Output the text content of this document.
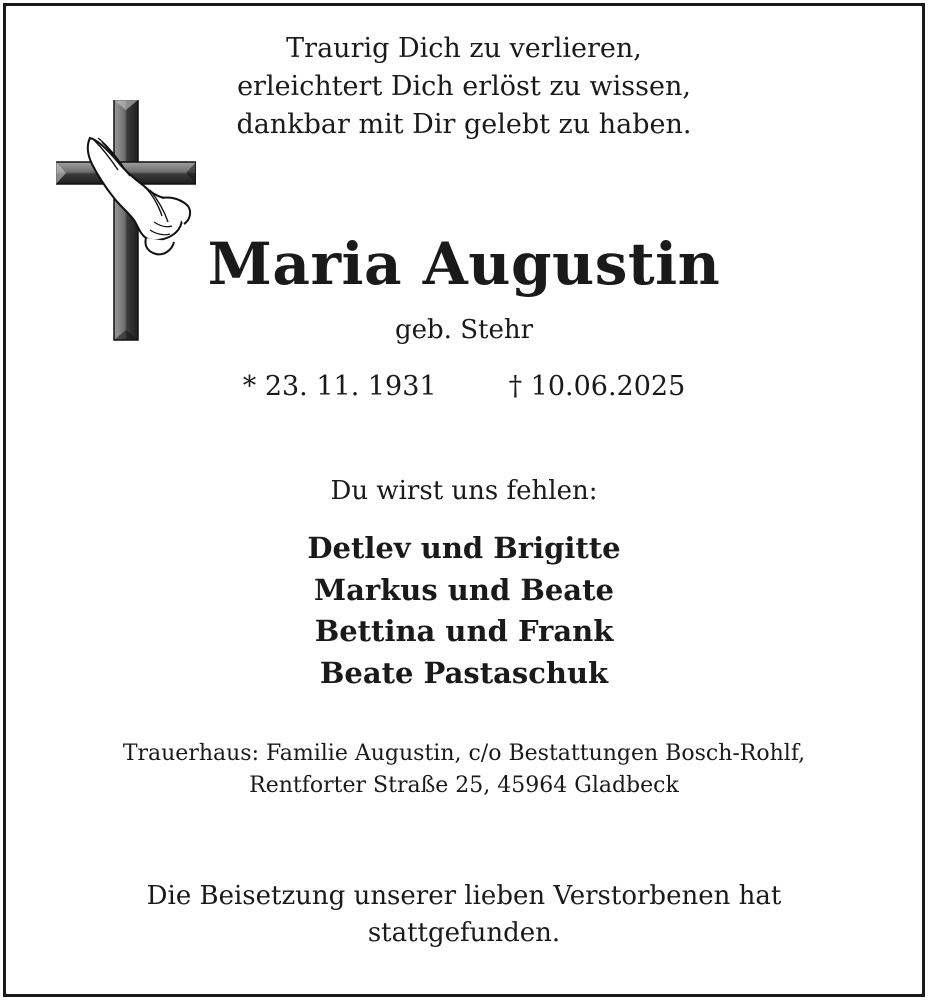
Traurig Dich zu verlieren,
erleichtert Dich erlöst zu wissen,
dankbar mit Dir gelebt zu haben.
Maria Augustin
geb. Stehr
* 23. 11. 1931	† 10.06.2025
Du wirst uns fehlen:
Detlev und Brigitte
Markus und Beate
Bettina und Frank
Beate Pastaschuk
Trauerhaus: Familie Augustin, c/o Bestattungen Bosch-Rohlf,
Rentforter Straße 25, 45964 Gladbeck
Die Beisetzung unserer lieben Verstorbenen hat
stattgefunden.
